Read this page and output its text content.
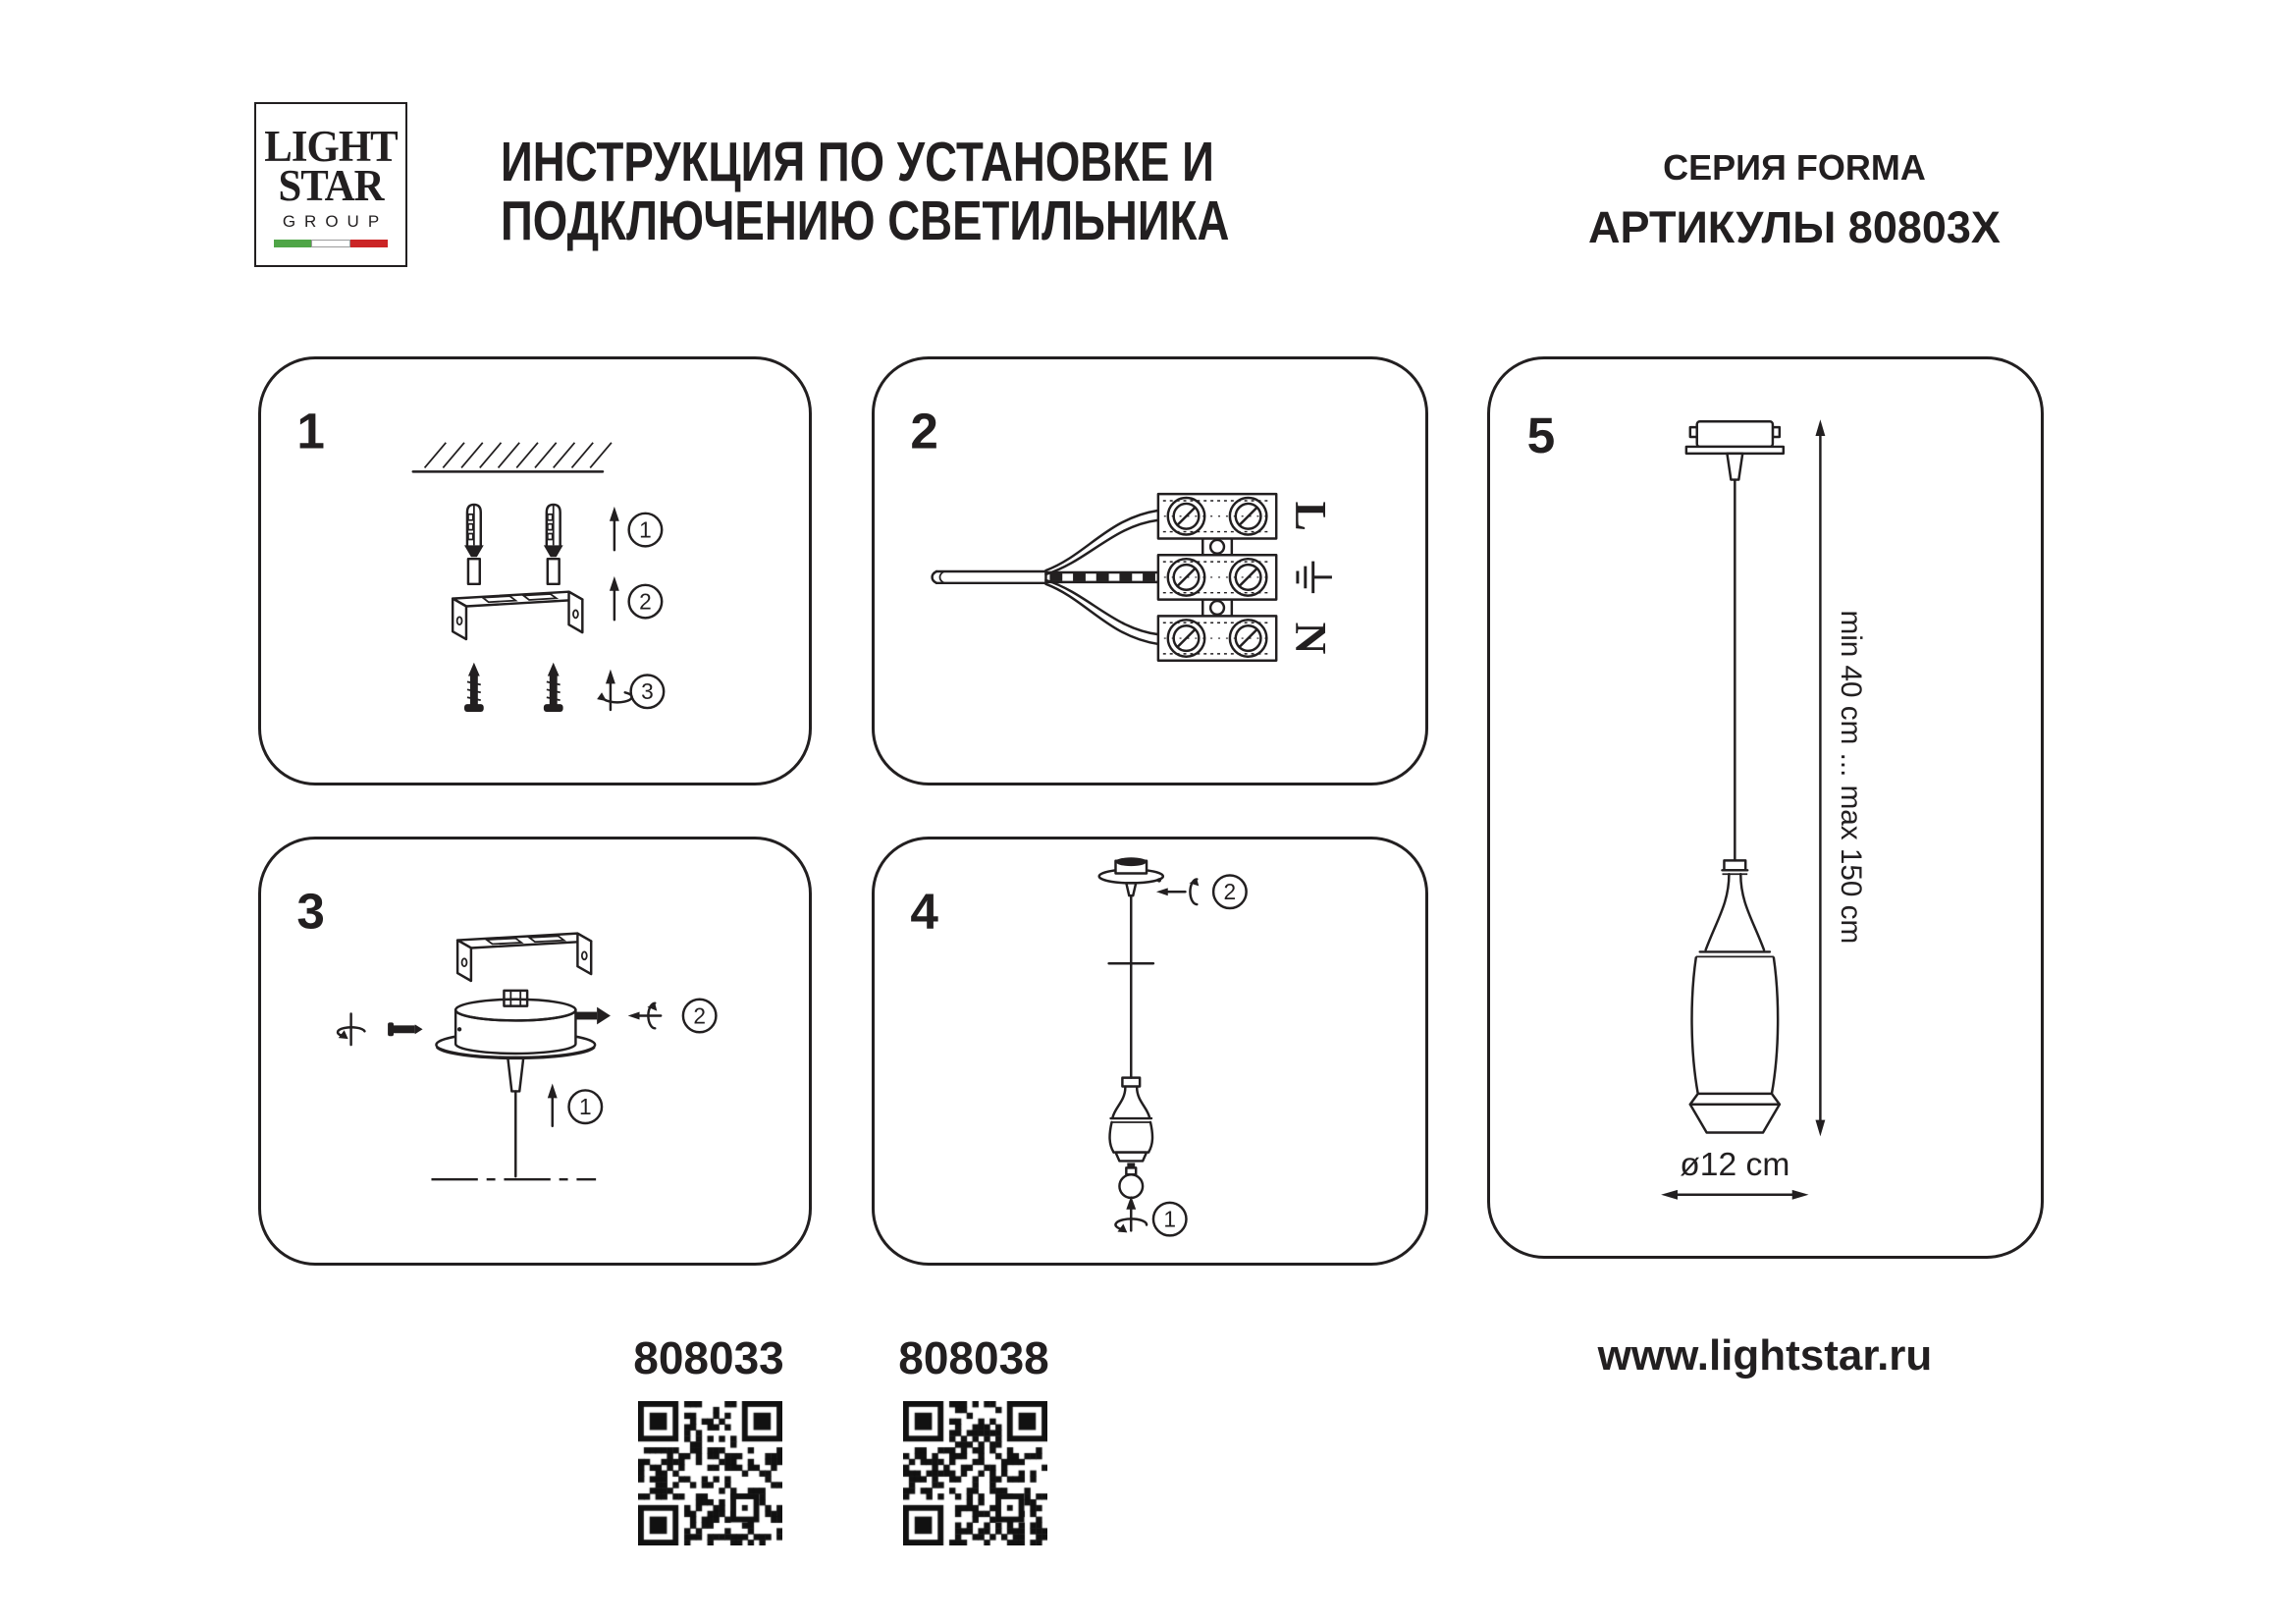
LIGHT
STAR
GROUP
ИНСТРУКЦИЯ ПО УСТАНОВКЕ И
ПОДКЛЮЧЕНИЮ СВЕТИЛЬНИКА
СЕРИЯ FORMA
АРТИКУЛЫ 80803X
1
1
2
3
2
L
N
3
2
1
4
1
2
5
min 40 cm ... max 150 cm
ø12 cm
808033	808038	www.lightstar.ru
